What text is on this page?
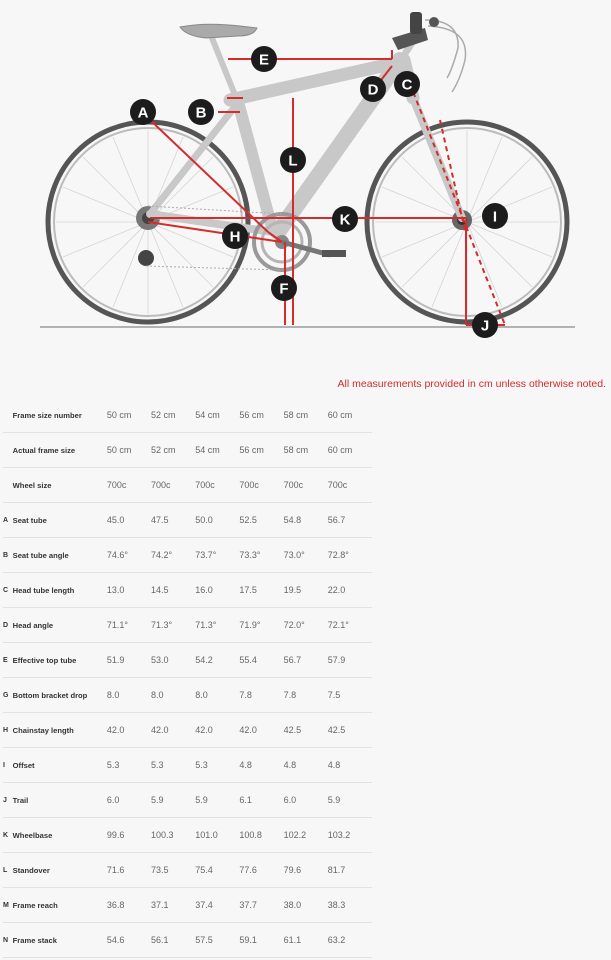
A	B
C
D
E
F
H
I
J
K
L
All measurements provided in cm unless otherwise noted.
	Frame size number	50 cm	52 cm	54 cm	56 cm	58 cm	60 cm
	Actual frame size	50 cm	52 cm	54 cm	56 cm	58 cm	60 cm
	Wheel size	700c	700c	700c	700c	700c	700c
A	Seat tube	45.0	47.5	50.0	52.5	54.8	56.7
B	Seat tube angle	74.6°	74.2°	73.7°	73.3°	73.0°	72.8°
C	Head tube length	13.0	14.5	16.0	17.5	19.5	22.0
D	Head angle	71.1°	71.3°	71.3°	71.9°	72.0°	72.1°
E	Effective top tube	51.9	53.0	54.2	55.4	56.7	57.9
G	Bottom bracket drop	8.0	8.0	8.0	7.8	7.8	7.5
H	Chainstay length	42.0	42.0	42.0	42.0	42.5	42.5
I	Offset	5.3	5.3	5.3	4.8	4.8	4.8
J	Trail	6.0	5.9	5.9	6.1	6.0	5.9
K	Wheelbase	99.6	100.3	101.0	100.8	102.2	103.2
L	Standover	71.6	73.5	75.4	77.6	79.6	81.7
M	Frame reach	36.8	37.1	37.4	37.7	38.0	38.3
N	Frame stack	54.6	56.1	57.5	59.1	61.1	63.2
